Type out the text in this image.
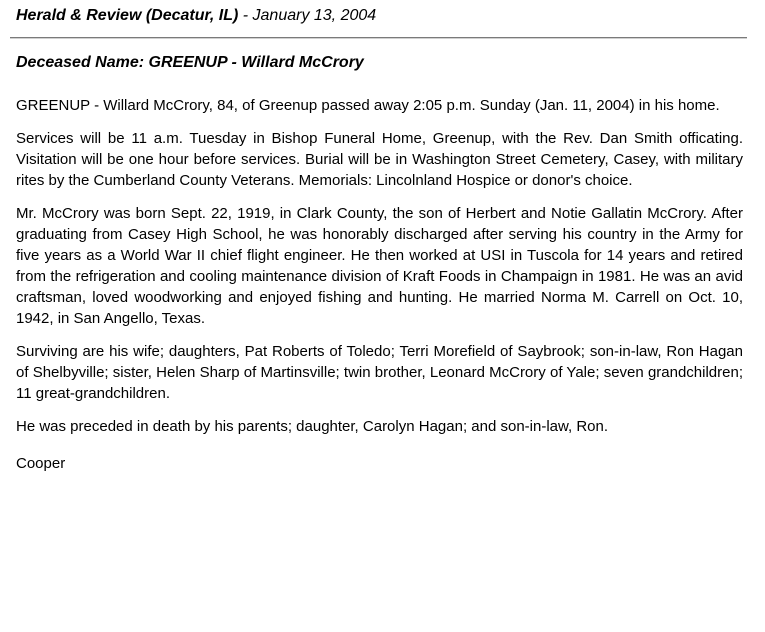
Herald & Review (Decatur, IL) - January 13, 2004
Deceased Name: GREENUP - Willard McCrory

GREENUP - Willard McCrory, 84, of Greenup passed away 2:05 p.m. Sunday (Jan. 11, 2004) in his home.

Services will be 11 a.m. Tuesday in Bishop Funeral Home, Greenup, with the Rev. Dan Smith officating. Visitation will be one hour before services. Burial will be in Washington Street Cemetery, Casey, with military rites by the Cumberland County Veterans. Memorials: Lincolnland Hospice or donor's choice.

Mr. McCrory was born Sept. 22, 1919, in Clark County, the son of Herbert and Notie Gallatin McCrory. After graduating from Casey High School, he was honorably discharged after serving his country in the Army for five years as a World War II chief flight engineer. He then worked at USI in Tuscola for 14 years and retired from the refrigeration and cooling maintenance division of Kraft Foods in Champaign in 1981. He was an avid craftsman, loved woodworking and enjoyed fishing and hunting. He married Norma M. Carrell on Oct. 10, 1942, in San Angello, Texas.

Surviving are his wife; daughters, Pat Roberts of Toledo; Terri Morefield of Saybrook; son-in-law, Ron Hagan of Shelbyville; sister, Helen Sharp of Martinsville; twin brother, Leonard McCrory of Yale; seven grandchildren; 11 great-grandchildren.

He was preceded in death by his parents; daughter, Carolyn Hagan; and son-in-law, Ron.

Cooper
